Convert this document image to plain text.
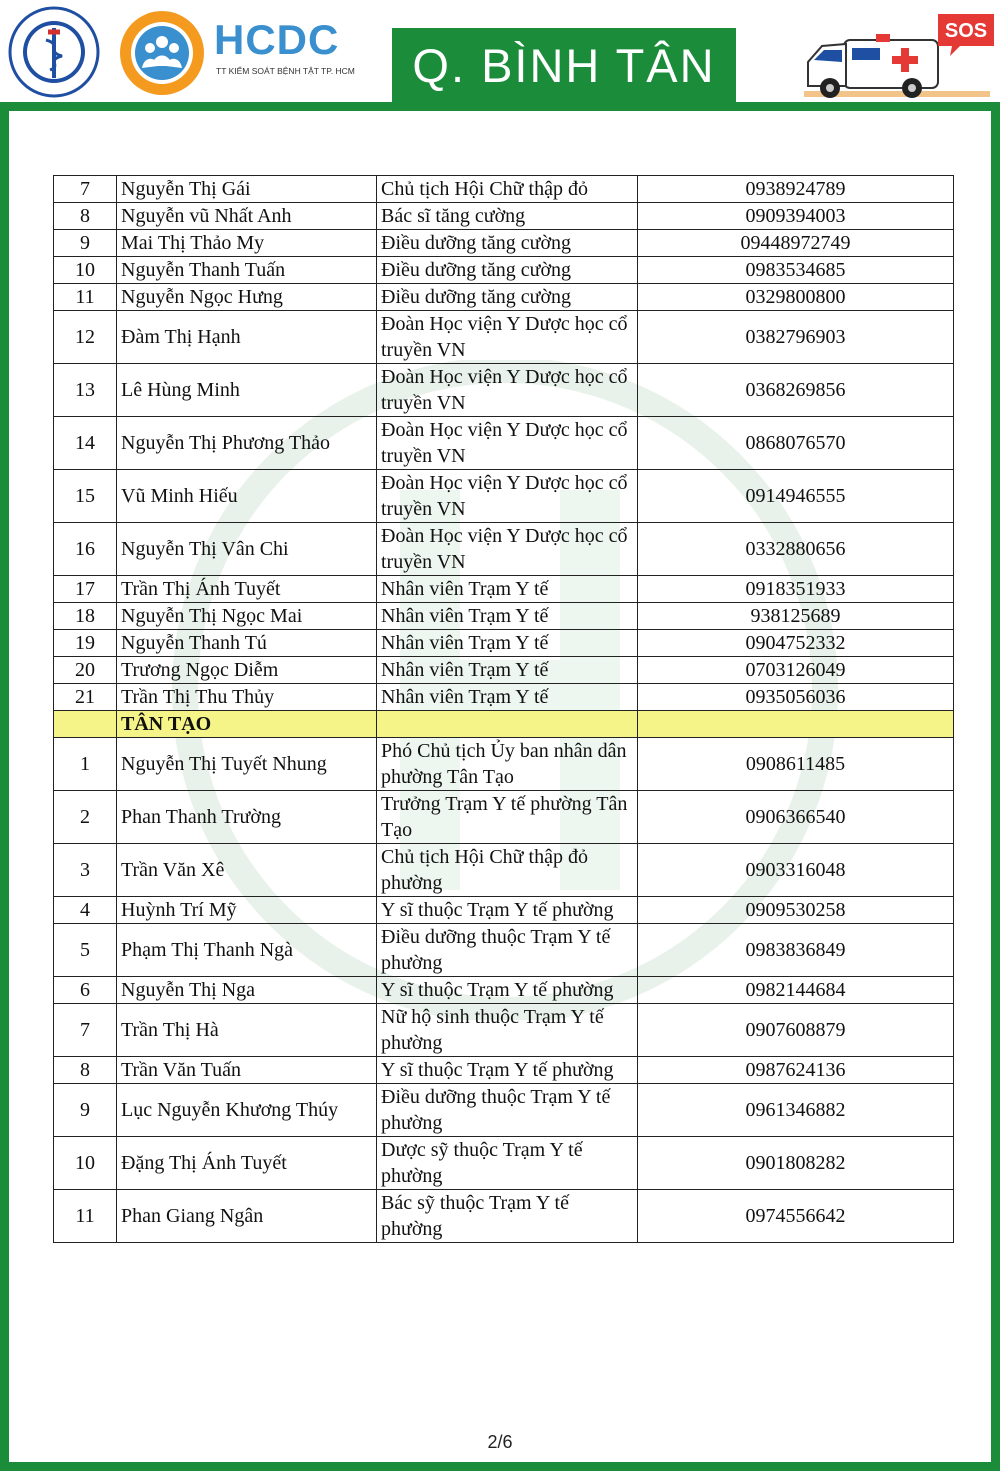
HCDC
TT KIỂM SOÁT BỆNH TẬT TP. HCM	Q. BÌNH TÂN
SOS
7	Nguyễn Thị Gái	Chủ tịch Hội Chữ thập đỏ	0938924789
8	Nguyễn vũ Nhất Anh	Bác sĩ tăng cường	0909394003
9	Mai Thị Thảo My	Điều dưỡng tăng cường	09448972749
10	Nguyễn Thanh Tuấn	Điều dưỡng tăng cường	0983534685
11	Nguyễn Ngọc Hưng	Điều dưỡng tăng cường	0329800800
12	Đàm Thị Hạnh	Đoàn Học viện Y Dược học cổ truyền VN	0382796903
13	Lê Hùng Minh	Đoàn Học viện Y Dược học cổ truyền VN	0368269856
14	Nguyễn Thị Phương Thảo	Đoàn Học viện Y Dược học cổ truyền VN	0868076570
15	Vũ Minh Hiếu	Đoàn Học viện Y Dược học cổ truyền VN	0914946555
16	Nguyễn Thị Vân Chi	Đoàn Học viện Y Dược học cổ truyền VN	0332880656
17	Trần Thị Ánh Tuyết	Nhân viên Trạm Y tế	0918351933
18	Nguyễn Thị Ngọc Mai	Nhân viên Trạm Y tế	938125689
19	Nguyễn Thanh Tú	Nhân viên Trạm Y tế	0904752332
20	Trương Ngọc Diễm	Nhân viên Trạm Y tế	0703126049
21	Trần Thị Thu Thủy	Nhân viên Trạm Y tế	0935056036
	TÂN TẠO		
1	Nguyễn Thị Tuyết Nhung	Phó Chủ tịch Ủy ban nhân dân phường Tân Tạo	0908611485
2	Phan Thanh Trường	Trưởng Trạm Y tế phường Tân Tạo	0906366540
3	Trần Văn Xê	Chủ tịch Hội Chữ thập đỏ phường	0903316048
4	Huỳnh Trí Mỹ	Y sĩ thuộc Trạm Y tế phường	0909530258
5	Phạm Thị Thanh Ngà	Điều dưỡng thuộc Trạm Y tế phường	0983836849
6	Nguyễn Thị Nga	Y sĩ thuộc Trạm Y tế phường	0982144684
7	Trần Thị Hà	Nữ hộ sinh thuộc Trạm Y tế phường	0907608879
8	Trần Văn Tuấn	Y sĩ thuộc Trạm Y tế phường	0987624136
9	Lục Nguyễn Khương Thúy	Điều dưỡng thuộc Trạm Y tế phường	0961346882
10	Đặng Thị Ánh Tuyết	Dược sỹ thuộc Trạm Y tế phường	0901808282
11	Phan Giang Ngân	Bác sỹ thuộc Trạm Y tế phường	0974556642
2/6
